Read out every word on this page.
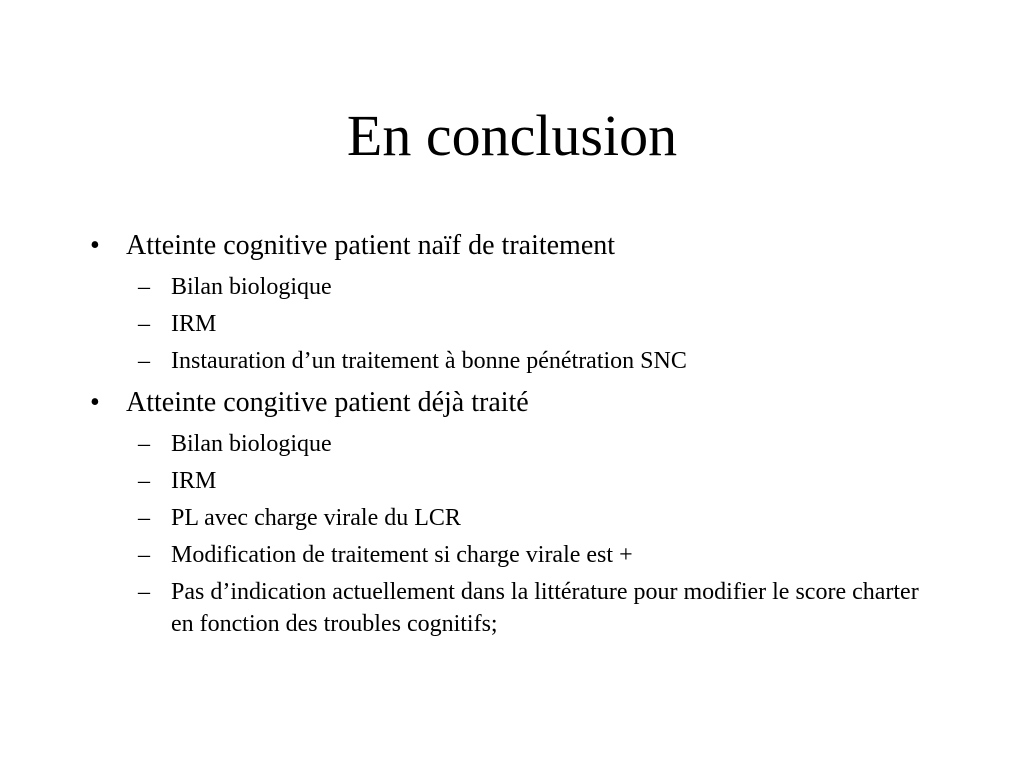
En conclusion
• Atteinte cognitive patient naïf de traitement
– Bilan biologique
– IRM
– Instauration d’un traitement à bonne pénétration SNC
• Atteinte congitive patient déjà traité
– Bilan biologique
– IRM
– PL avec charge virale du LCR
– Modification de traitement si charge virale est +
– Pas d’indication actuellement dans la littérature pour modifier le score charter en fonction des troubles cognitifs;
